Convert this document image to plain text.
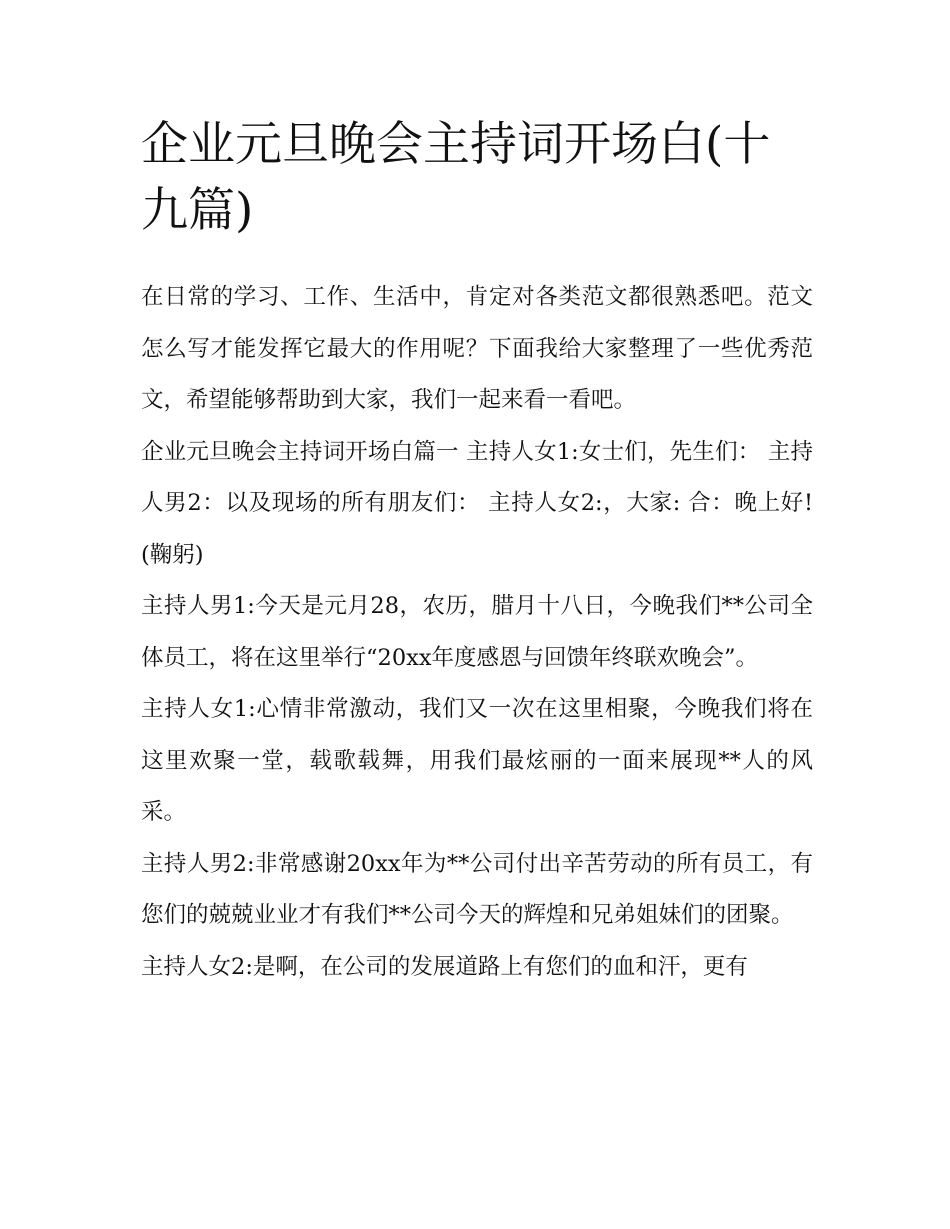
企业元旦晚会主持词开场白(十九篇)

在日常的学习、工作、生活中，肯定对各类范文都很熟悉吧。范文怎么写才能发挥它最大的作用呢？下面我给大家整理了一些优秀范文，希望能够帮助到大家，我们一起来看一看吧。

企业元旦晚会主持词开场白篇一 主持人女1:女士们，先生们： 主持人男2：以及现场的所有朋友们： 主持人女2:，大家: 合：晚上好!(鞠躬)

主持人男1:今天是元月28，农历，腊月十八日，今晚我们**公司全体员工，将在这里举行“20xx年度感恩与回馈年终联欢晚会”。

主持人女1:心情非常激动，我们又一次在这里相聚，今晚我们将在这里欢聚一堂，载歌载舞，用我们最炫丽的一面来展现**人的风采。

主持人男2:非常感谢20xx年为**公司付出辛苦劳动的所有员工，有您们的兢兢业业才有我们**公司今天的辉煌和兄弟姐妹们的团聚。

主持人女2:是啊，在公司的发展道路上有您们的血和汗，更有
